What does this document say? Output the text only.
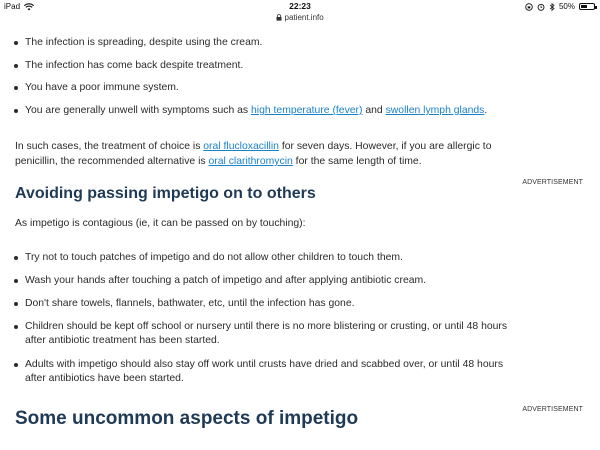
iPad	22:23	50%
patient.info

The infection is spreading, despite using the cream.
The infection has come back despite treatment.
You have a poor immune system.
You are generally unwell with symptoms such as high temperature (fever) and swollen lymph glands.

In such cases, the treatment of choice is oral flucloxacillin for seven days. However, if you are allergic to penicillin, the recommended alternative is oral clarithromycin for the same length of time.

ADVERTISEMENT
Avoiding passing impetigo on to others

As impetigo is contagious (ie, it can be passed on by touching):

Try not to touch patches of impetigo and do not allow other children to touch them.
Wash your hands after touching a patch of impetigo and after applying antibiotic cream.
Don't share towels, flannels, bathwater, etc, until the infection has gone.
Children should be kept off school or nursery until there is no more blistering or crusting, or until 48 hours after antibiotic treatment has been started.
Adults with impetigo should also stay off work until crusts have dried and scabbed over, or until 48 hours after antibiotics have been started.
ADVERTISEMENT
Some uncommon aspects of impetigo
